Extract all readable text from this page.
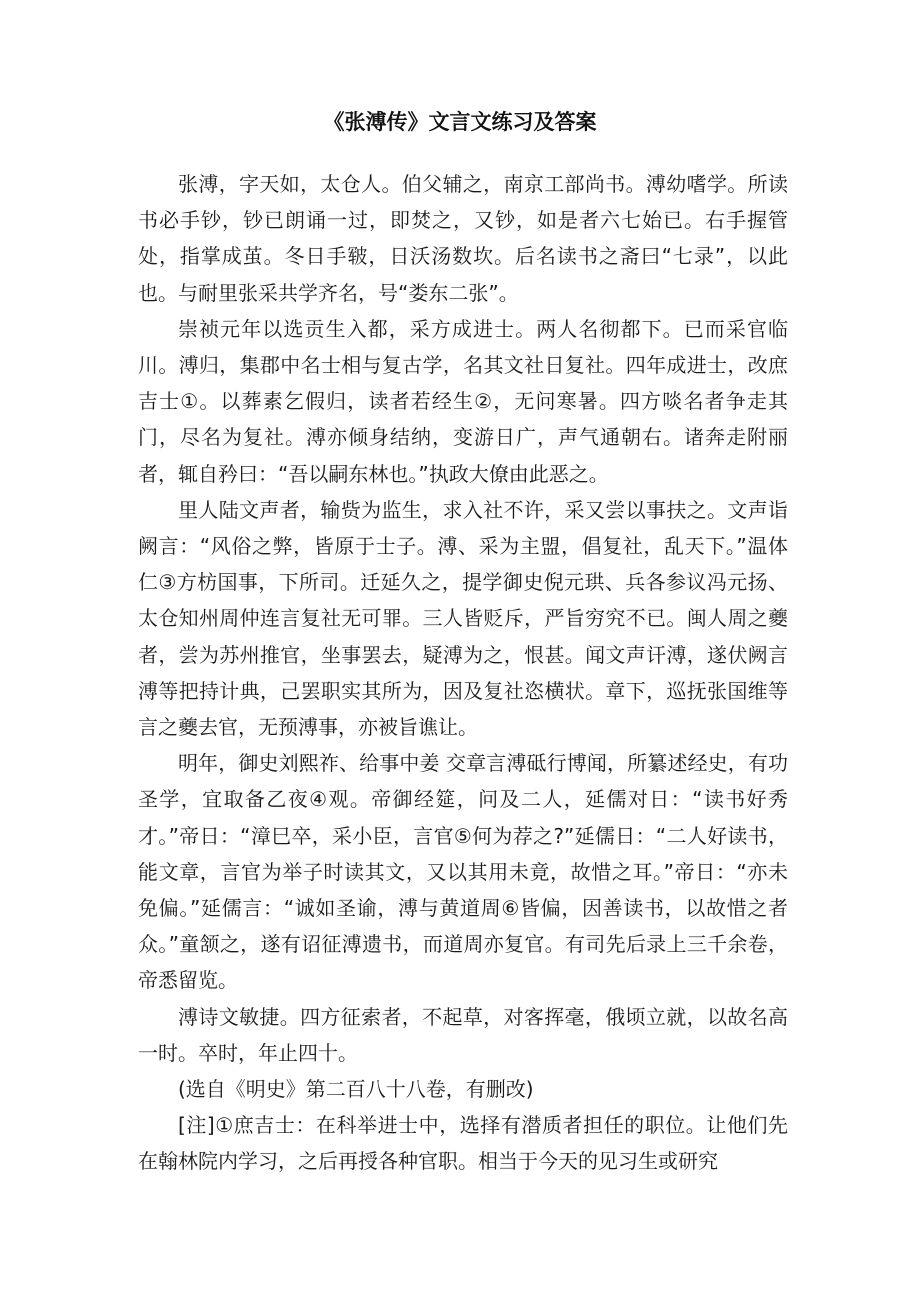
《张溥传》文言文练习及答案

张溥，字天如，太仓人。伯父辅之，南京工部尚书。溥幼嗜学。所读书必手钞，钞已朗诵一过，即焚之，又钞，如是者六七始已。右手握管处，指掌成茧。冬日手皲，日沃汤数坎。后名读书之斋曰“七录”，以此也。与耐里张采共学齐名，号“娄东二张”。

崇祯元年以选贡生入都，采方成进士。两人名彻都下。已而采官临川。溥归，集郡中名士相与复古学，名其文社日复社。四年成进士，改庶吉士①。以葬素乞假归，读者若经生②，无问寒暑。四方啖名者争走其门，尽名为复社。溥亦倾身结纳，变游日广，声气通朝右。诸奔走附丽者，辄自矜曰：“吾以嗣东林也。”执政大僚由此恶之。

里人陆文声者，输赀为监生，求入社不许，采又尝以事扶之。文声诣阙言：“风俗之弊，皆原于士子。溥、采为主盟，倡复社，乱天下。”温体仁③方枋国事，下所司。迁延久之，提学御史倪元珙、兵各参议冯元扬、太仓知州周仲连言复社无可罪。三人皆贬斥，严旨穷究不已。闽人周之夔者，尝为苏州推官，坐事罢去，疑溥为之，恨甚。闻文声讦溥，遂伏阙言溥等把持计典，己罢职实其所为，因及复社恣横状。章下，巡抚张国维等言之夔去官，无预溥事，亦被旨谯让。

明年，御史刘熙祚、给事中姜 交章言溥砥行博闻，所纂述经史，有功圣学，宜取备乙夜④观。帝御经筵，问及二人，延儒对日：“读书好秀才。”帝日：“漳巳卒，采小臣，言官⑤何为荐之?”延儒日：“二人好读书，能文章，言官为举子时读其文，又以其用未竟，故惜之耳。”帝日：“亦未免偏。”延儒言：“诚如圣谕，溥与黄道周⑥皆偏，因善读书，以故惜之者众。”童颔之，遂有诏征溥遗书，而道周亦复官。有司先后录上三千余卷，帝悉留览。

溥诗文敏捷。四方征索者，不起草，对客挥毫，俄顷立就，以故名高一时。卒时，年止四十。

(选自《明史》第二百八十八卷，有删改)

[注]①庶吉士：在科举进士中，选择有潜质者担任的职位。让他们先在翰林院内学习，之后再授各种官职。相当于今天的见习生或研究
